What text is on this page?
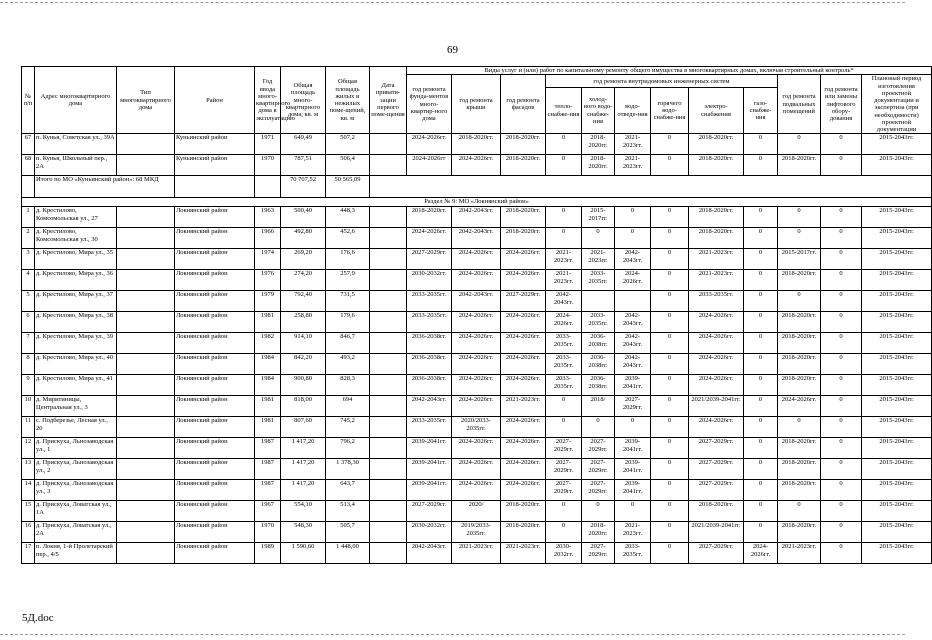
69
№ п/п	Адрес многоквартирного дома	Тип многоквартирного дома	Район	Год ввода много-квартирного дома в эксплуатацию	Общая площадь много-квартирного дома, кв. м	Общая площадь жилых и нежилых поме-щений, кв. м	Дата привати-зации первого поме-щения	Виды услуг и (или) работ по капитальному ремонту общего имущества в многоквартирных домах, включая строительный контроль*											
								год ремонта фунда-ментов много-квартир-ного дома	год ремонта крыши	год ремонта фасадов	год ремонта внутридомовых инженерных систем						год ремонта подвальных помещений	год ремонта или замены лифтового обору-дования	Плановый период изготовления проектной документации и экспертиза (при необходимости) проектной документации
											тепло-снабже-ния	холод-ного водо-снабже-ния	водо-отведе-ния	горячего водо-снабже-ния	электро-снабжения	газо-снабже-ния			
67	п. Кунья, Советская ул., 39А		Куньинский район	1971	649,49	507,2		2024-2026гг.	2018-2020гг.	2018-2020гг.	0	2018-2020гг.	2021-2023гг.	0	2018-2020гг.	0	0	0	2015-2043гг.
68	п. Кунья, Школьный пер., 2А		Куньинский район	1970	787,51	506,4		2024-2026гг	2024-2026гг.	2018-2020гг.	0	2018-2020гг.	2021-2023гг.	0	2018-2020гг.	0	2018-2020гг.	0	2015-2043гг.
	Итого по МО «Куньинский район»: 68 МКД				70 707,52	50 565,09													
Раздел № 9: МО «Локнянский район»																			
1	д. Крестилово, Комсомольская ул., 27		Локнянский район	1963	500,40	448,3		2018-2020гг.	2042-2043гг.	2018-2020гг.	0	2015-2017гг.	0	0	2018-2020гг.	0	0	0	2015-2043гг.
2	д. Крестилово, Комсомольская ул., 30		Локнянский район	1966	492,80	452,6		2024-2026гг.	2042-2043гг.	2018-2020гг.	0	0	0	0	2018-2020гг.	0	0	0	2015-2043гг.
3	д. Крестилово, Мира ул., 35		Локнянский район	1974	269,20	176,6		2027-2029гг.	2024-2026гг.	2024-2026гг.	2021-2023гг.	2021-2023гг.	2042-2043гг.	0	2021-2023гг.	0	2015-2017гг.	0	2015-2043гг.
4	д. Крестилово, Мира ул., 36		Локнянский район	1976	274,20	257,9		2030-2032гг.	2024-2026гг.	2024-2026гг.	2021-2023гг.	2033-2035гг.	2024-2026гг.	0	2021-2023гг.	0	2018-2020гг.	0	2015-2043гг.
5	д. Крестилово, Мира ул., 37		Локнянский район	1979	792,40	731,5		2033-2035гг.	2042-2043гг.	2027-2029гг.	2042-2043гг.			0	2033-2035гг.	0	0	0	2015-2043гг.
6	д. Крестилово, Мира ул., 38		Локнянский район	1981	258,80	179,6		2033-2035гг.	2024-2026гг.	2024-2026гг.	2024-2026гг.	2033-2035гг.	2042-2043гг.	0	2024-2026гг.	0	2018-2020гг.	0	2015-2043гг.
7	д. Крестилово, Мира ул., 39		Локнянский район	1982	914,10	846,7		2036-2038гг.	2024-2026гг.	2024-2026гг.	2033-2035гг.	2036-2038гг.	2042-2043гг.	0	2024-2026гг.	0	2018-2020гг.	0	2015-2043гг.
8	д. Крестилово, Мира ул., 40		Локнянский район	1984	842,20	493,2		2036-2038гг.	2024-2026гг.	2024-2026гг.	2033-2035гг.	2036-2038гг.	2042-2043гг.	0	2024-2026гг.	0	2018-2020гг.	0	2015-2043гг.
9	д. Крестилово, Мира ул., 41		Локнянский район	1984	900,80	828,3		2036-2038гг.	2024-2026гг.	2024-2026гг.	2033-2035гг.	2036-2038гг.	2039-2041гг.	0	2024-2026гг.	0	2018-2020гг.	0	2015-2043гг.
10	д. Миритиницы, Центральная ул., 3		Локнянский район	1981	818,00	694		2042-2043гг.	2024-2026гг.	2021-2023гг.	0	2018/	2027-2029гг.	0	2021/2039-2041гг.	0	2024-2026гг.	0	2015-2043гг.
11	с. Подберезье, Лесная ул., 20		Локнянский район	1981	807,60	745,2		2033-2035гг.	2020/2033-2035гг.	2024-2026гг.	0	0	0	0	2024-2026гг.	0	0	0	2015-2043гг.
12	д. Прискуха, Льнозаводская ул., 1		Локнянский район	1987	1 417,20	796,2		2039-2041гг.	2024-2026гг.	2024-2026гг.	2027-2029гг.	2027-2029гг.	2039-2041гг.	0	2027-2029гг.	0	2018-2020гг.	0	2015-2043гг.
13	д. Прискуха, Льнозаводская ул., 2		Локнянский район	1987	1 417,20	1 378,30		2039-2041гг.	2024-2026гг.	2024-2026гг.	2027-2029гг.	2027-2029гг.	2039-2041гг.	0	2027-2029гг.	0	2018-2020гг.	0	2015-2043гг.
14	д. Прискуха, Льнозаводская ул., 3		Локнянский район	1987	1 417,20	643,7		2039-2041гг.	2024-2026гг.	2024-2026гг.	2027-2029гг.	2027-2029гг.	2039-2041гг.	0	2027-2029гг.	0	2018-2020гг.	0	2015-2043гг.
15	д. Прискуха, Ловатская ул., 1А		Локнянский район	1967	554,10	513,4		2027-2029гг.	2020/	2018-2020гг.	0	0	0	0	2018-2020гг.	0	0	0	2015-2043гг.
16	д. Прискуха, Ловатская ул., 2А		Локнянский район	1970	548,30	505,7		2030-2032гг.	2019/2033-2035гг.	2018-2020гг.	0	2018-2020гг.	2021-2023гг.	0	2021/2039-2041гг.	0	2018-2020гг.	0	2015-2043гг.
17	п. Локня, 1-й Пролетарский пер., 4/5		Локнянский район	1989	1 590,60	1 448,00		2042-2043гг.	2021-2023гг.	2021-2023гг.	2030-2032гг.	2027-2029гг.	2033-2035гг.	0	2027-2029гг.	2024-2026гг.	2021-2023гг.	0	2015-2043гг.
5Д.doc
